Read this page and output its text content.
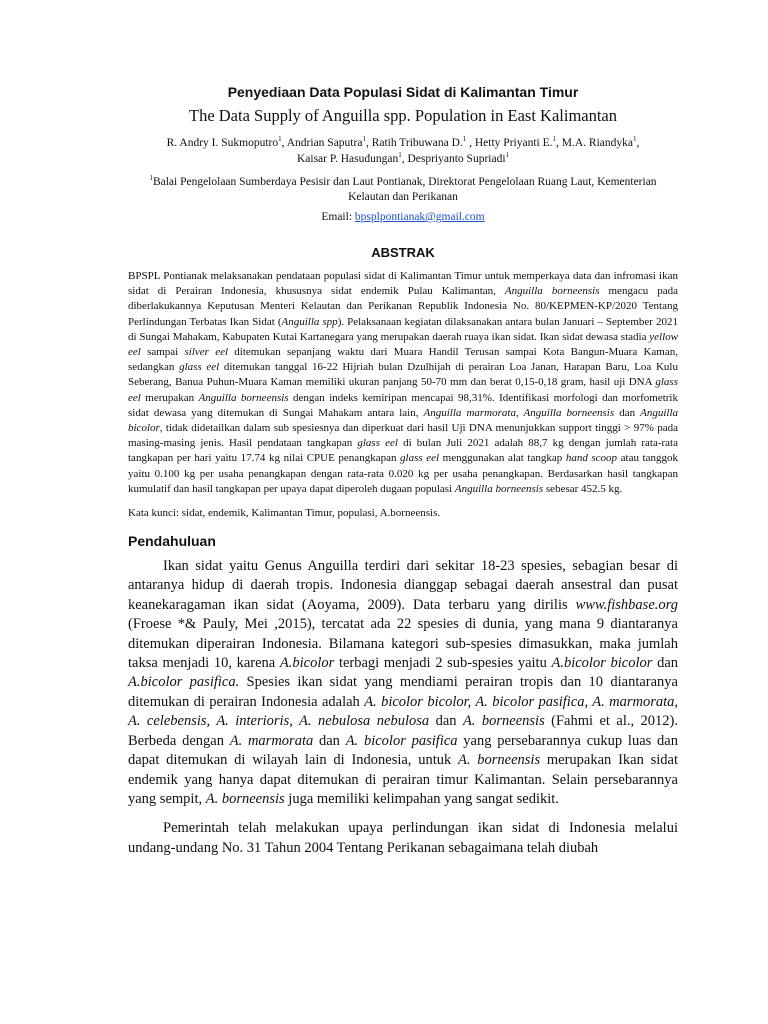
Penyediaan Data Populasi Sidat di Kalimantan Timur

The Data Supply of Anguilla spp. Population in East Kalimantan

R. Andry I. Sukmoputro$^1$, Andrian Saputra$^1$, Ratih Tribuwana D.$^1$ , Hetty Priyanti E.$^1$, M.A. Riandyka$^1$,
Kaisar P. Hasudungan$^1$, Despriyanto Supriadi$^1$

$^1$Balai Pengelolaan Sumberdaya Pesisir dan Laut Pontianak, Direktorat Pengelolaan Ruang Laut, Kementerian Kelautan dan Perikanan

Email: bpsplpontianak@gmail.com

ABSTRAK

BPSPL Pontianak melaksanakan pendataan populasi sidat di Kalimantan Timur untuk memperkaya data dan infromasi ikan sidat di Perairan Indonesia, khususnya sidat endemik Pulau Kalimantan, Anguilla borneensis mengacu pada diberlakukannya Keputusan Menteri Kelautan dan Perikanan Republik Indonesia No. 80/KEPMEN-KP/2020 Tentang Perlindungan Terbatas Ikan Sidat (Anguilla spp). Pelaksanaan kegiatan dilaksanakan antara bulan Januari – September 2021 di Sungai Mahakam, Kabupaten Kutai Kartanegara yang merupakan daerah ruaya ikan sidat. Ikan sidat dewasa stadia yellow eel sampai silver eel ditemukan sepanjang waktu dari Muara Handil Terusan sampai Kota Bangun-Muara Kaman, sedangkan glass eel ditemukan tanggal 16-22 Hijriah bulan Dzulhijah di perairan Loa Janan, Harapan Baru, Loa Kulu Seberang, Banua Puhun-Muara Kaman memiliki ukuran panjang 50-70 mm dan berat 0,15-0,18 gram, hasil uji DNA glass eel merupakan Anguilla borneensis dengan indeks kemiripan mencapai 98,31%. Identifikasi morfologi dan morfometrik sidat dewasa yang ditemukan di Sungai Mahakam antara lain, Anguilla marmorata, Anguilla borneensis dan Anguilla bicolor, tidak didetailkan dalam sub spesiesnya dan diperkuat dari hasil Uji DNA menunjukkan support tinggi > 97% pada masing-masing jenis. Hasil pendataan tangkapan glass eel di bulan Juli 2021 adalah 88,7 kg dengan jumlah rata-rata tangkapan per hari yaitu 17.74 kg nilai CPUE penangkapan glass eel menggunakan alat tangkap hand scoop atau tanggok yaitu 0.100 kg per usaha penangkapan dengan rata-rata 0.020 kg per usaha penangkapan. Berdasarkan hasil tangkapan kumulatif dan hasil tangkapan per upaya dapat diperoleh dugaan populasi Anguilla borneensis sebesar 452.5 kg.

Kata kunci: sidat, endemik, Kalimantan Timur, populasi, A.borneensis.

Pendahuluan

Ikan sidat yaitu Genus Anguilla terdiri dari sekitar 18-23 spesies, sebagian besar di antaranya hidup di daerah tropis. Indonesia dianggap sebagai daerah ansestral dan pusat keanekaragaman ikan sidat (Aoyama, 2009). Data terbaru yang dirilis www.fishbase.org (Froese *& Pauly, Mei ,2015), tercatat ada 22 spesies di dunia, yang mana 9 diantaranya ditemukan diperairan Indonesia. Bilamana kategori sub-spesies dimasukkan, maka jumlah taksa menjadi 10, karena A.bicolor terbagi menjadi 2 sub-spesies yaitu A.bicolor bicolor dan A.bicolor pasifica. Spesies ikan sidat yang mendiami perairan tropis dan 10 diantaranya ditemukan di perairan Indonesia adalah A. bicolor bicolor, A. bicolor pasifica, A. marmorata, A. celebensis, A. interioris, A. nebulosa nebulosa dan A. borneensis (Fahmi et al., 2012). Berbeda dengan A. marmorata dan A. bicolor pasifica yang persebarannya cukup luas dan dapat ditemukan di wilayah lain di Indonesia, untuk A. borneensis merupakan Ikan sidat endemik yang hanya dapat ditemukan di perairan timur Kalimantan. Selain persebarannya yang sempit, A. borneensis juga memiliki kelimpahan yang sangat sedikit.

Pemerintah telah melakukan upaya perlindungan ikan sidat di Indonesia melalui undang-undang No. 31 Tahun 2004 Tentang Perikanan sebagaimana telah diubah
